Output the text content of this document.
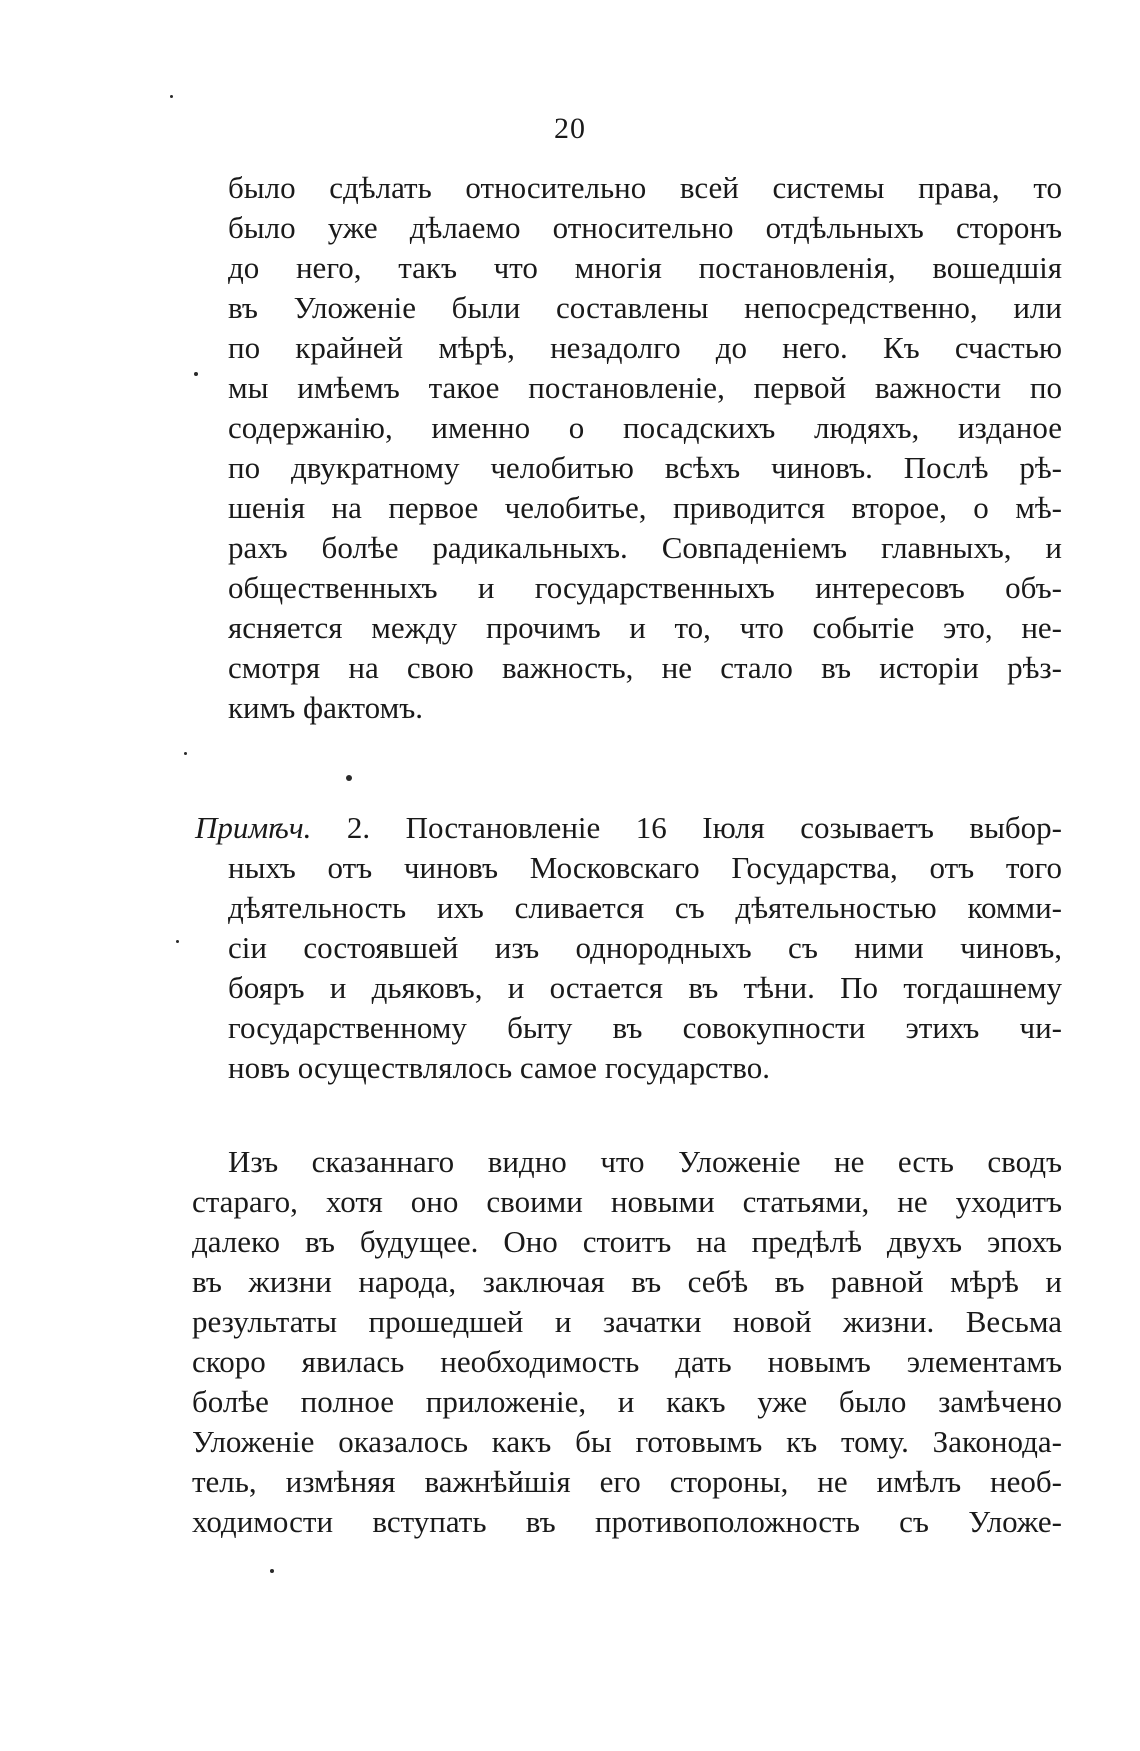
20
было сдѣлать относительно всей системы права, то
было уже дѣлаемо относительно отдѣльныхъ сторонъ
до него, такъ что многія постановленія, вошедшія
въ Уложеніе были составлены непосредственно, или
по крайней мѣрѣ, незадолго до него. Къ счастью
мы имѣемъ такое постановленіе, первой важности по
содержанію, именно о посадскихъ людяхъ, изданое
по двукратному челобитью всѣхъ чиновъ. Послѣ рѣ-
шенія на первое челобитье, приводится второе, о мѣ-
рахъ болѣе радикальныхъ. Совпаденіемъ главныхъ, и
общественныхъ и государственныхъ интересовъ объ-
ясняется между прочимъ и то, что событіе это, не-
смотря на свою важность, не стало въ исторіи рѣз-
кимъ фактомъ.
Примѣч. 2. Постановленіе 16 Іюля созываетъ выбор-
ныхъ отъ чиновъ Московскаго Государства, отъ того
дѣятельность ихъ сливается съ дѣятельностью комми-
сіи состоявшей изъ однородныхъ съ ними чиновъ,
бояръ и дьяковъ, и остается въ тѣни. По тогдашнему
государственному быту въ совокупности этихъ чи-
новъ осуществлялось самое государство.
Изъ сказаннаго видно что Уложеніе не есть сводъ
стараго, хотя оно своими новыми статьями, не уходитъ
далеко въ будущее. Оно стоитъ на предѣлѣ двухъ эпохъ
въ жизни народа, заключая въ себѣ въ равной мѣрѣ и
результаты прошедшей и зачатки новой жизни. Весьма
скоро явилась необходимость дать новымъ элементамъ
болѣе полное приложеніе, и какъ уже было замѣчено
Уложеніе оказалось какъ бы готовымъ къ тому. Законода-
тель, измѣняя важнѣйшія его стороны, не имѣлъ необ-
ходимости вступать въ противоположность съ Уложе-
